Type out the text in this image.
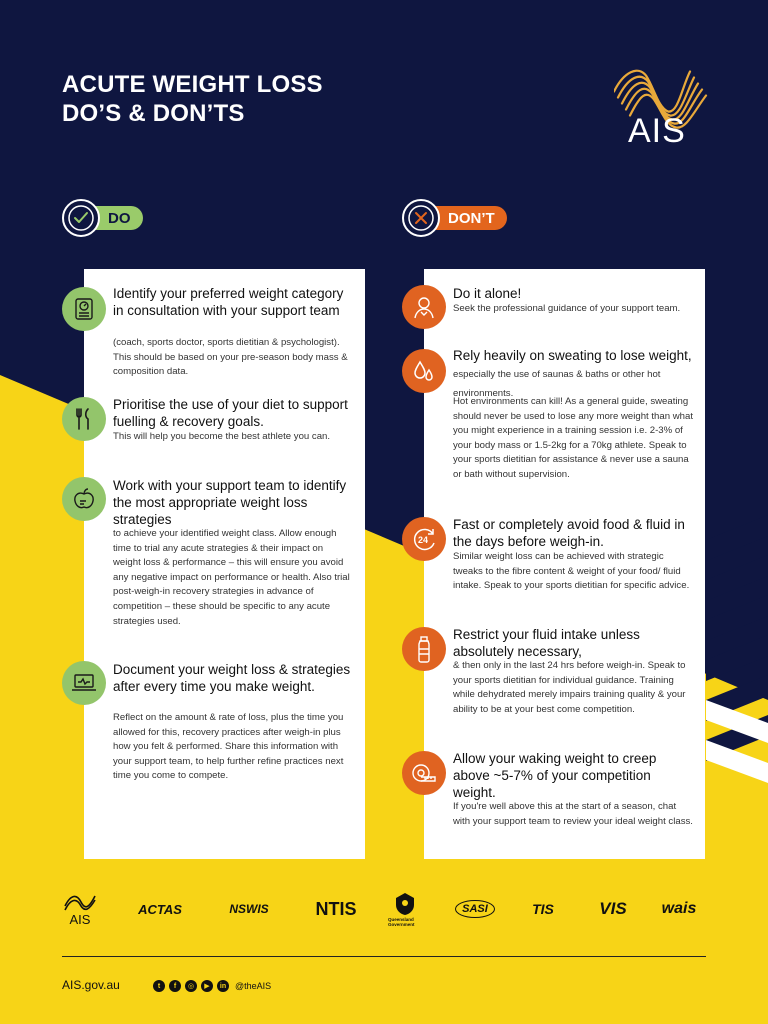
ACUTE WEIGHT LOSS
DO’S & DON’TS	AIS
DO	DON’T

Identify your preferred weight category in consultation with your support team

(coach, sports doctor, sports dietitian & psychologist). This should be based on your pre-season body mass & composition data.

Prioritise the use of your diet to support fuelling & recovery goals.

This will help you become the best athlete you can.

Work with your support team to identify the most appropriate weight loss strategies

to achieve your identified weight class. Allow enough time to trial any acute strategies & their impact on weight loss & performance – this will ensure you avoid any negative impact on performance or health. Also trial post-weigh-in recovery strategies in advance of competition – these should be specific to any acute strategies used.

Document your weight loss & strategies after every time you make weight.

Reflect on the amount & rate of loss, plus the time you allowed for this, recovery practices after weigh-in plus how you felt & performed. Share this information with your support team, to help further refine practices next time you come to compete.

Do it alone!

Seek the professional guidance of your support team.

Rely heavily on sweating to lose weight, especially the use of saunas & baths or other hot environments.

Hot environments can kill! As a general guide, sweating should never be used to lose any more weight than what you might experience in a training session i.e. 2-3% of your body mass or 1.5-2kg for a 70kg athlete. Speak to your sports dietitian for assistance & never use a sauna or bath without supervision.

24

Fast or completely avoid food & fluid in the days before weigh-in.

Similar weight loss can be achieved with strategic tweaks to the fibre content & weight of your food/ fluid intake. Speak to your sports dietitian for specific advice.

Restrict your fluid intake unless absolutely necessary,

& then only in the last 24 hrs before weigh-in. Speak to your sports dietitian for individual guidance. Training while dehydrated merely impairs training quality & your ability to be at your best come competition.

Allow your waking weight to creep above ~5-7% of your competition weight.

If you're well above this at the start of a season, chat with your support team to review your ideal weight class.

AIS
ACTAS	NSWIS	NTIS
Queensland Government
SASI	TIS	VIS	wais
AIS.gov.au	t	f	◎	▶	in @theAIS
